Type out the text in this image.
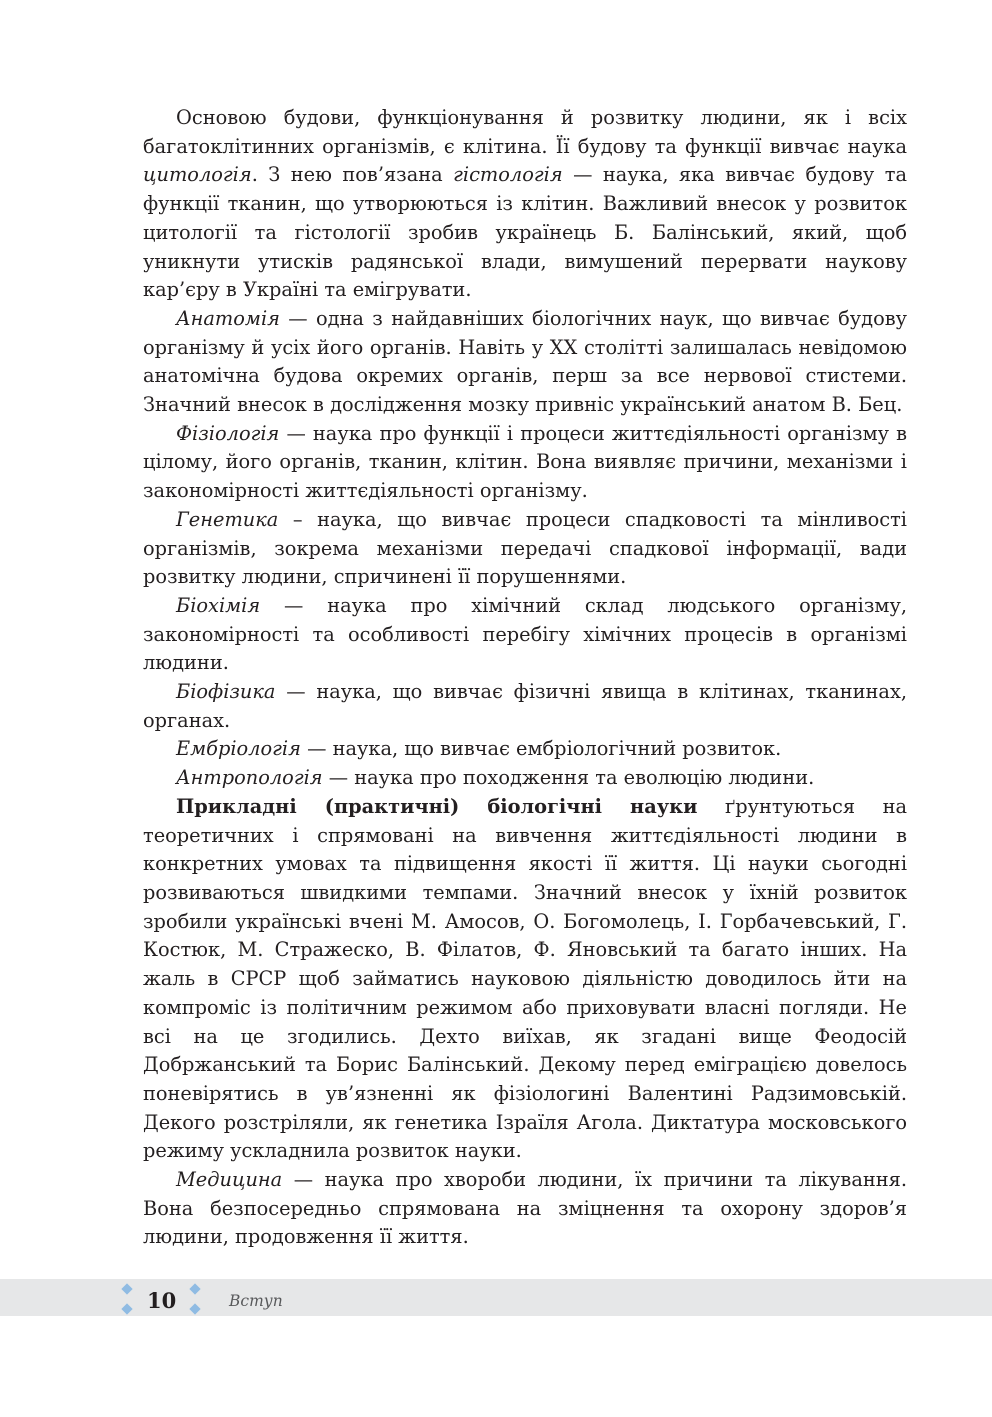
Основою будови, функціонування й розвитку людини, як і всіх багатоклітинних організмів, є клітина. Її будову та функції вивчає наука цитологія. З нею пов’язана гістологія — наука, яка вивчає будову та функції тканин, що утворюються із клітин. Важливий внесок у розвиток цитології та гістології зробив українець Б. Балінський, який, щоб уникнути утисків радянської влади, вимушений перервати наукову кар’єру в Україні та емігрувати.

Анатомія — одна з найдавніших біологічних наук, що вивчає будову організму й усіх його органів. Навіть у XX столітті залишалась невідомою анатомічна будова окремих органів, перш за все нервової стистеми. Значний внесок в дослідження мозку привніс український анатом В. Бец.

Фізіологія — наука про функції і процеси життєдіяльності організму в цілому, його органів, тканин, клітин. Вона виявляє причини, механізми і закономірності життєдіяльності організму.

Генетика – наука, що вивчає процеси спадковості та мінливості організмів, зокрема механізми передачі спадкової інформації, вади розвитку людини, спричинені її порушеннями.

Біохімія — наука про хімічний склад людського організму, закономірності та особливості перебігу хімічних процесів в організмі людини.

Біофізика — наука, що вивчає фізичні явища в клітинах, тканинах, органах.

Ембріологія — наука, що вивчає ембріологічний розвиток.

Антропологія — наука про походження та еволюцію людини.

Прикладні (практичні) біологічні науки ґрунтуються на теоретичних і спрямовані на вивчення життєдіяльності людини в конкретних умовах та підвищення якості її життя. Ці науки сьогодні розвиваються швидкими темпами. Значний внесок у їхній розвиток зробили українські вчені М. Амосов, О. Богомолець, І. Горбачевський, Г. Костюк, М. Стражеско, В. Філатов, Ф. Яновський та багато інших. На жаль в СРСР щоб займатись науковою діяльністю доводилось йти на компроміс із політичним режимом або приховувати власні погляди. Не всі на це згодились. Дехто виїхав, як згадані вище Феодосій Добржанський та Борис Балінський. Декому перед еміграцією довелось поневірятись в ув’язненні як фізіологині Валентині Радзимовській. Декого розстріляли, як генетика Ізраїля Агола. Диктатура московського режиму ускладнила розвиток науки.

Медицина — наука про хвороби людини, їх причини та лікування. Вона безпосередньо спрямована на зміцнення та охорону здоров’я людини, продовження її життя.

10	Вступ
